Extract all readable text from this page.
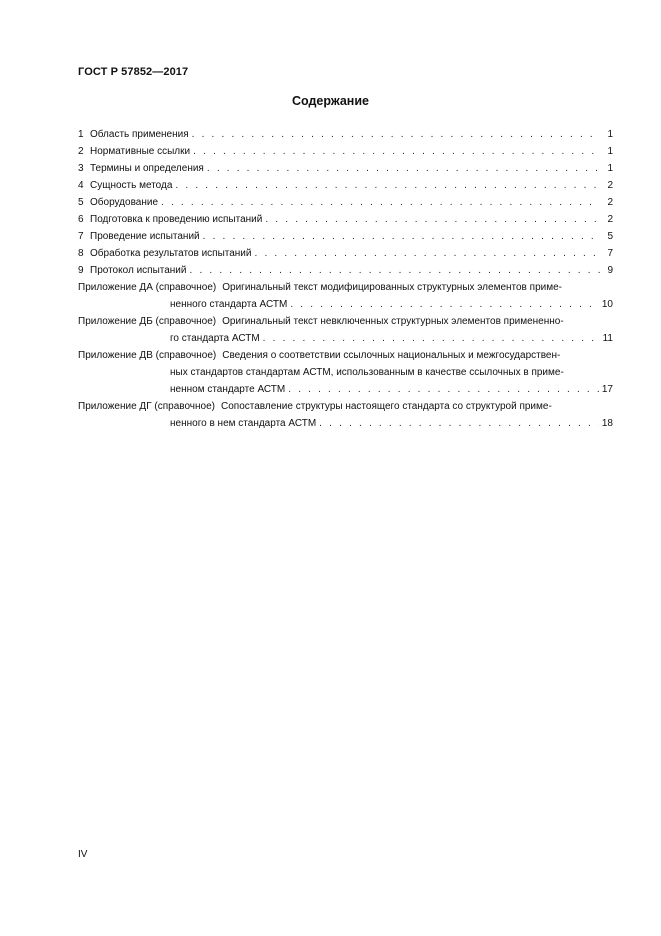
ГОСТ Р 57852—2017
Содержание
1 Область применения . . .	1
2 Нормативные ссылки . . .	1
3 Термины и определения . . .	1
4 Сущность метода . . .	2
5 Оборудование . . .	2
6 Подготовка к проведению испытаний . . .	2
7 Проведение испытаний . . .	5
8 Обработка результатов испытаний . . .	7
9 Протокол испытаний . . .	9
Приложение ДА (справочное) Оригинальный текст модифицированных структурных элементов приме-
ненного стандарта АСТМ . . .	10
Приложение ДБ (справочное) Оригинальный текст невключенных структурных элементов примененно-
го стандарта АСТМ . . .	11
Приложение ДВ (справочное) Сведения о соответствии ссылочных национальных и межгосударствен-
ных стандартов стандартам АСТМ, использованным в качестве ссылочных в приме-
ненном стандарте АСТМ . . .	17
Приложение ДГ (справочное) Сопоставление структуры настоящего стандарта со структурой приме-
ненного в нем стандарта АСТМ . . .	18
IV
